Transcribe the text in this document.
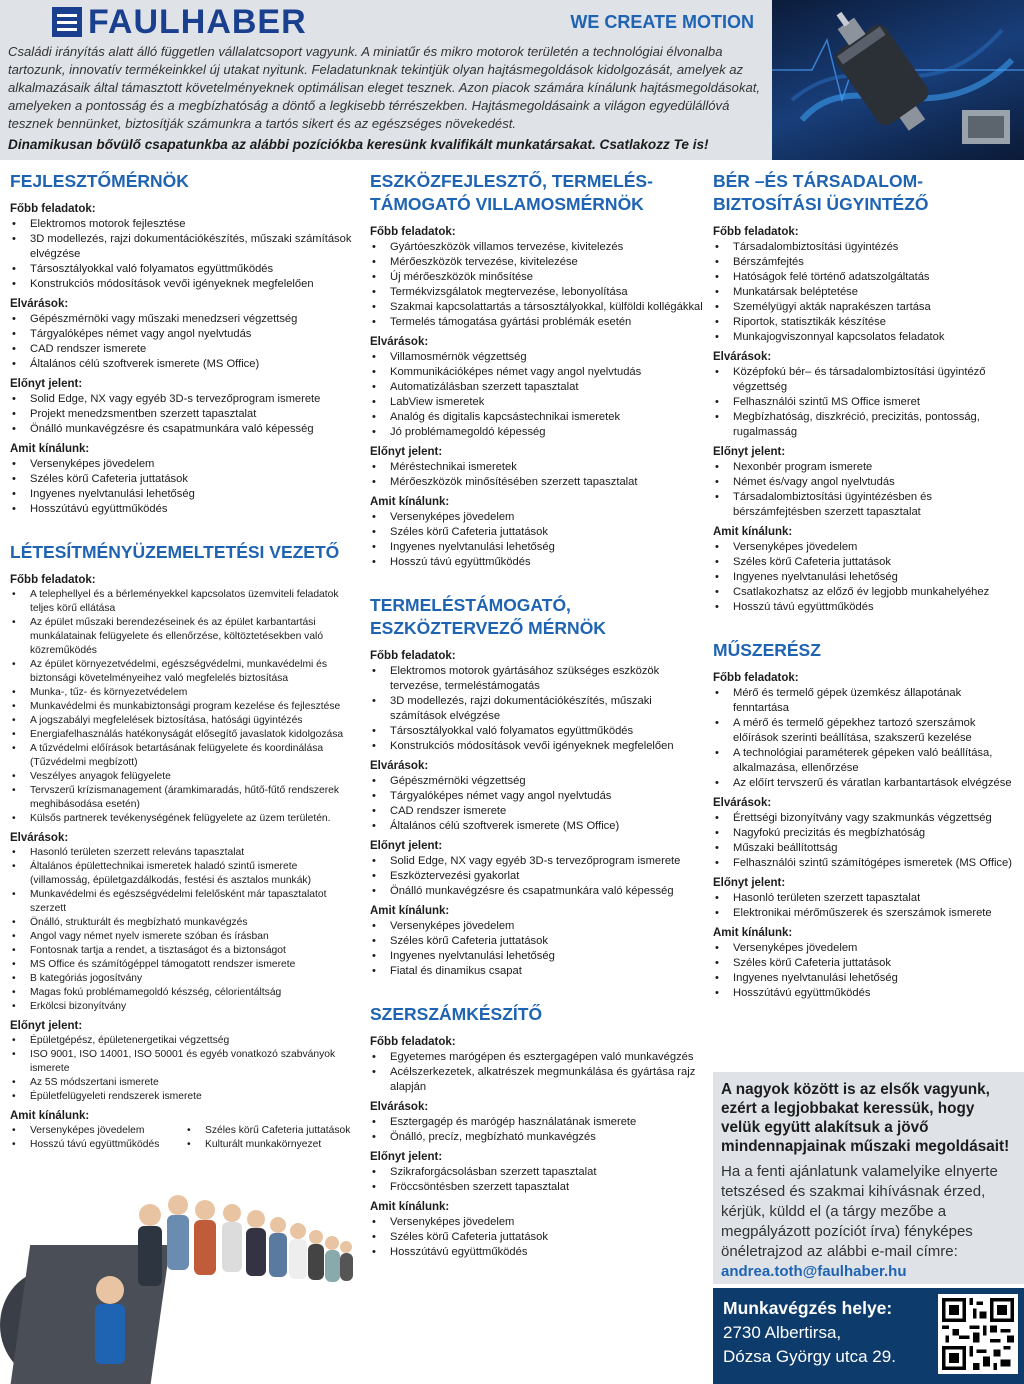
FAULHABER	WE CREATE MOTION
Családi irányítás alatt álló független vállalatcsoport vagyunk. A miniatűr és mikro motorok területén a technológiai élvonalba tartozunk, innovatív termékeinkkel új utakat nyitunk. Feladatunknak tekintjük olyan hajtásmegoldások kidolgozását, amelyek az alkalmazásaik által támasztott követelményeknek optimálisan eleget tesznek. Azon piacok számára kínálunk hajtásmegoldásokat, amelyeken a pontosság és a megbízhatóság a döntő a legkisebb térrészekben. Hajtásmegoldásaink a világon egyedülállóvá tesznek bennünket, biztosítják számunkra a tartós sikert és az egészséges növekedést.
Dinamikusan bővülő csapatunkba az alábbi pozíciókba keresünk kvalifikált munkatársakat. Csatlakozz Te is!
FEJLESZTŐMÉRNÖK
Főbb feladatok:
• Elektromos motorok fejlesztése
• 3D modellezés, rajzi dokumentációkészítés, műszaki számítások elvégzése
• Társosztályokkal való folyamatos együttműködés
• Konstrukciós módosítások vevői igényeknek megfelelően
Elvárások:
• Gépészmérnöki vagy műszaki menedzseri végzettség
• Tárgyalóképes német vagy angol nyelvtudás
• CAD rendszer ismerete
• Általános célú szoftverek ismerete (MS Office)
Előnyt jelent:
• Solid Edge, NX vagy egyéb 3D-s tervezőprogram ismerete
• Projekt menedzsmentben szerzett tapasztalat
• Önálló munkavégzésre és csapatmunkára való képesség
Amit kínálunk:
• Versenyképes jövedelem
• Széles körű Cafeteria juttatások
• Ingyenes nyelvtanulási lehetőség
• Hosszútávú együttműködés
LÉTESÍTMÉNYÜZEMELTETÉSI VEZETŐ
Főbb feladatok:
• A telephellyel és a bérleményekkel kapcsolatos üzemviteli feladatok teljes körű ellátása
• Az épület műszaki berendezéseinek és az épület karbantartási munkálatainak felügyelete és ellenőrzése, költöztetésekben való közreműködés
• Az épület környezetvédelmi, egészségvédelmi, munkavédelmi és biztonsági követelményeihez való megfelelés biztosítása
• Munka-, tűz- és környezetvédelem
• Munkavédelmi és munkabiztonsági program kezelése és fejlesztése
• A jogszabályi megfelelések biztosítása, hatósági ügyintézés
• Energiafelhasználás hatékonyságát elősegítő javaslatok kidolgozása
• A tűzvédelmi előírások betartásának felügyelete és koordinálása (Tűzvédelmi megbízott)
• Veszélyes anyagok felügyelete
• Tervszerű krízismanagement (áramkimaradás, hűtő-fűtő rendszerek meghibásodása esetén)
• Külsős partnerek tevékenységének felügyelete az üzem területén.
Elvárások:
• Hasonló területen szerzett releváns tapasztalat
• Általános épülettechnikai ismeretek haladó szintű ismerete (villamosság, épületgazdálkodás, festési és asztalos munkák)
• Munkavédelmi és egészségvédelmi felelősként már tapasztalatot szerzett
• Önálló, strukturált és megbízható munkavégzés
• Angol vagy német nyelv ismerete szóban és írásban
• Fontosnak tartja a rendet, a tisztaságot és a biztonságot
• MS Office és számítógéppel támogatott rendszer ismerete
• B kategóriás jogosítvány
• Magas fokú problémamegoldó készség, célorientáltság
• Erkölcsi bizonyítvány
Előnyt jelent:
• Épületgépész, épületenergetikai végzettség
• ISO 9001, ISO 14001, ISO 50001 és egyéb vonatkozó szabványok ismerete
• Az 5S módszertani ismerete
• Épületfelügyeleti rendszerek ismerete
Amit kínálunk:
• Versenyképes jövedelem
• Hosszú távú együttműködés
• Széles körű Cafeteria juttatások
• Kulturált munkakörnyezet
ESZKÖZFEJLESZTŐ, TERMELÉS-TÁMOGATÓ VILLAMOSMÉRNÖK
Főbb feladatok:
• Gyártóeszközök villamos tervezése, kivitelezés
• Mérőeszközök tervezése, kivitelezése
• Új mérőeszközök minősítése
• Termékvizsgálatok megtervezése, lebonyolítása
• Szakmai kapcsolattartás a társosztályokkal, külföldi kollégákkal
• Termelés támogatása gyártási problémák esetén
Elvárások:
• Villamosmérnök végzettség
• Kommunikációképes német vagy angol nyelvtudás
• Automatizálásban szerzett tapasztalat
• LabView ismeretek
• Analóg és digitalis kapcsástechnikai ismeretek
• Jó problémamegoldó képesség
Előnyt jelent:
• Méréstechnikai ismeretek
• Mérőeszközök minősítésében szerzett tapasztalat
Amit kínálunk:
• Versenyképes jövedelem
• Széles körű Cafeteria juttatások
• Ingyenes nyelvtanulási lehetőség
• Hosszú távú együttműködés
TERMELÉSTÁMOGATÓ, ESZKÖZTERVEZŐ MÉRNÖK
Főbb feladatok:
• Elektromos motorok gyártásához szükséges eszközök tervezése, termeléstámogatás
• 3D modellezés, rajzi dokumentációkészítés, műszaki számítások elvégzése
• Társosztályokkal való folyamatos együttműködés
• Konstrukciós módosítások vevői igényeknek megfelelően
Elvárások:
• Gépészmérnöki végzettség
• Tárgyalóképes német vagy angol nyelvtudás
• CAD rendszer ismerete
• Általános célú szoftverek ismerete (MS Office)
Előnyt jelent:
• Solid Edge, NX vagy egyéb 3D-s tervezőprogram ismerete
• Eszköztervezési gyakorlat
• Önálló munkavégzésre és csapatmunkára való képesség
Amit kínálunk:
• Versenyképes jövedelem
• Széles körű Cafeteria juttatások
• Ingyenes nyelvtanulási lehetőség
• Fiatal és dinamikus csapat
SZERSZÁMKÉSZÍTŐ
Főbb feladatok:
• Egyetemes marógépen és esztergagépen való munkavégzés
• Acélszerkezetek, alkatrészek megmunkálása és gyártása rajz alapján
Elvárások:
• Esztergagép és marógép használatának ismerete
• Önálló, precíz, megbízható munkavégzés
Előnyt jelent:
• Szikraforgácsolásban szerzett tapasztalat
• Fröccsöntésben szerzett tapasztalat
Amit kínálunk:
• Versenyképes jövedelem
• Széles körű Cafeteria juttatások
• Hosszútávú együttműködés
BÉR –ÉS TÁRSADALOM-BIZTOSÍTÁSI ÜGYINTÉZŐ
Főbb feladatok:
• Társadalombiztosítási ügyintézés
• Bérszámfejtés
• Hatóságok felé történő adatszolgáltatás
• Munkatársak beléptetése
• Személyügyi akták naprakészen tartása
• Riportok, statisztikák készítése
• Munkajogviszonnyal kapcsolatos feladatok
Elvárások:
• Középfokú bér– és társadalombiztosítási ügyintéző végzettség
• Felhasználói szintű MS Office ismeret
• Megbízhatóság, diszkréció, precizitás, pontosság, rugalmasság
Előnyt jelent:
• Nexonbér program ismerete
• Német és/vagy angol nyelvtudás
• Társadalombiztosítási ügyintézésben és bérszámfejtésben szerzett tapasztalat
Amit kínálunk:
• Versenyképes jövedelem
• Széles körű Cafeteria juttatások
• Ingyenes nyelvtanulási lehetőség
• Csatlakozhatsz az előző év legjobb munkahelyéhez
• Hosszú távú együttműködés
MŰSZERÉSZ
Főbb feladatok:
• Mérő és termelő gépek üzemkész állapotának fenntartása
• A mérő és termelő gépekhez tartozó szerszámok előírások szerinti beállítása, szakszerű kezelése
• A technológiai paraméterek gépeken való beállítása, alkalmazása, ellenőrzése
• Az előírt tervszerű és váratlan karbantartások elvégzése
Elvárások:
• Érettségi bizonyítvány vagy szakmunkás végzettség
• Nagyfokú precizitás és megbízhatóság
• Műszaki beállítottság
• Felhasználói szintű számítógépes ismeretek (MS Office)
Előnyt jelent:
• Hasonló területen szerzett tapasztalat
• Elektronikai mérőműszerek és szerszámok ismerete
Amit kínálunk:
• Versenyképes jövedelem
• Széles körű Cafeteria juttatások
• Ingyenes nyelvtanulási lehetőség
• Hosszútávú együttműködés
A nagyok között is az elsők vagyunk, ezért a legjobbakat keressük, hogy velük együtt alakítsuk a jövő mindennapjainak műszaki megoldásait!
Ha a fenti ajánlatunk valamelyike elnyerte tetszésed és szakmai kihívásnak érzed, kérjük, küldd el (a tárgy mezőbe a megpályázott pozíciót írva) fényképes önéletrajzod az alábbi e-mail címre:
andrea.toth@faulhaber.hu
Munkavégzés helye:
2730 Albertirsa,
Dózsa György utca 29.
